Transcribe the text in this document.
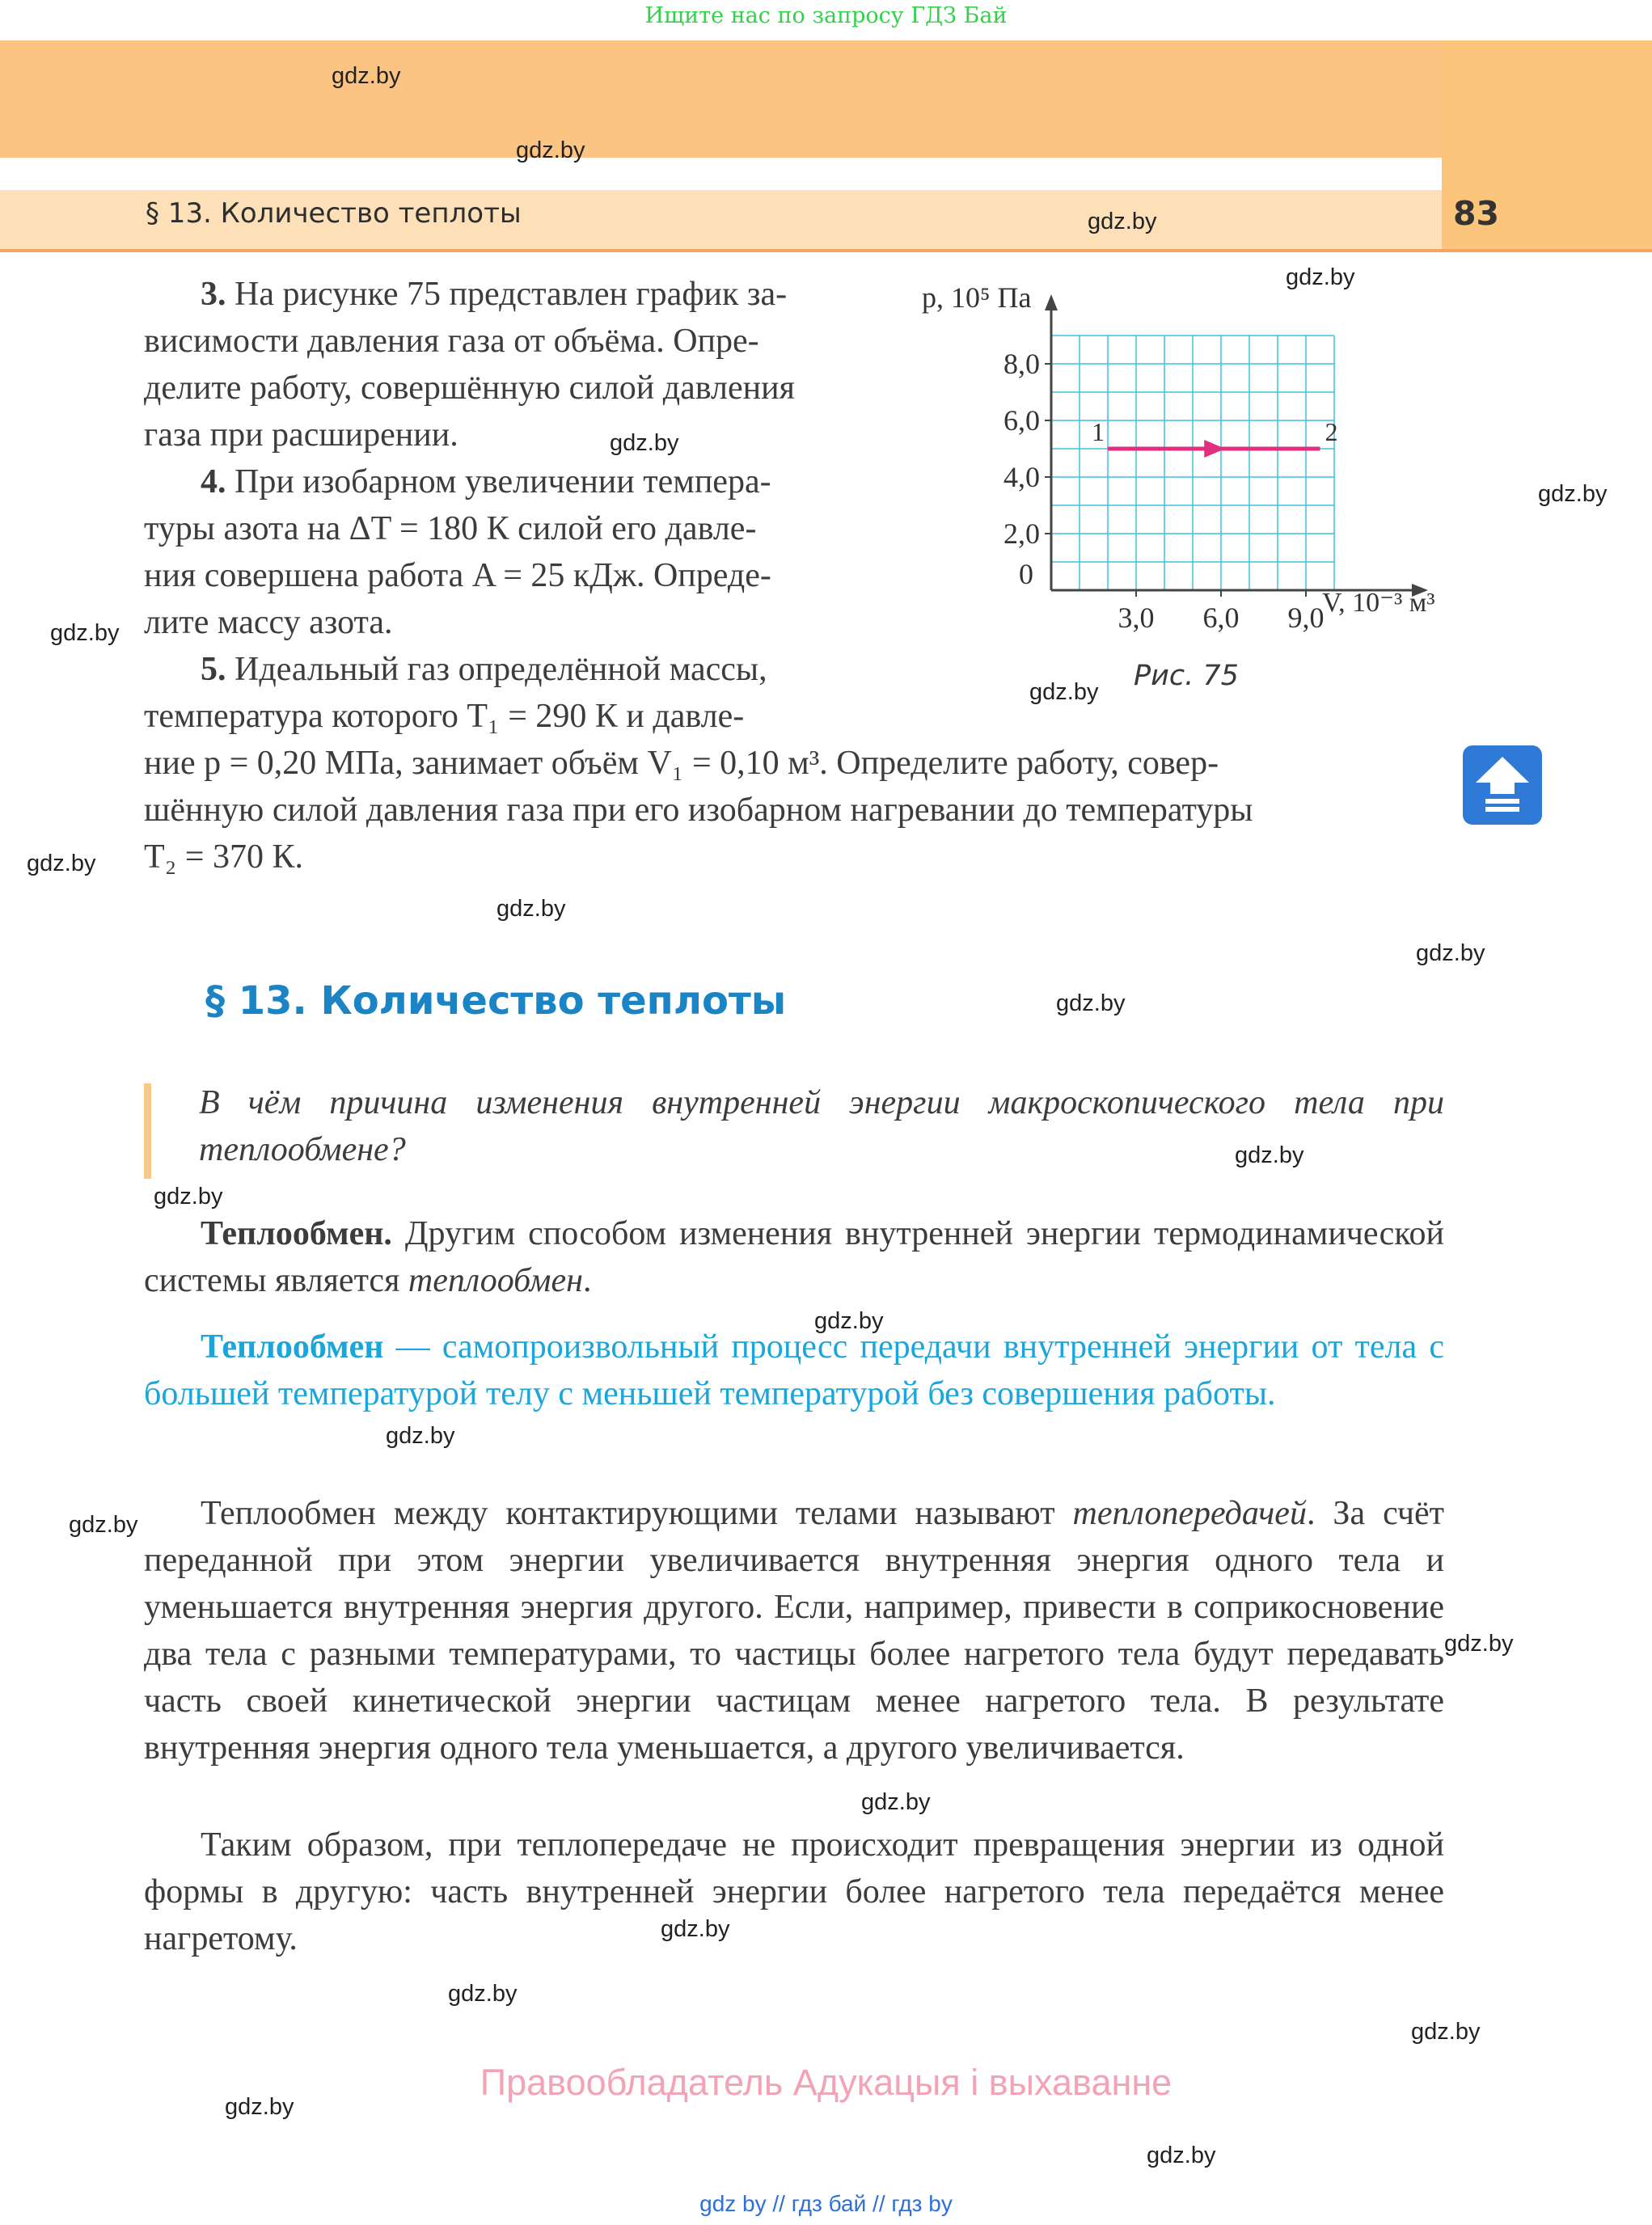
Ищите нас по запросу ГДЗ Бай
§ 13. Количество теплоты	83
gdz.by
gdz.by
gdz.by
gdz.by
gdz.by
gdz.by
gdz.by
gdz.by
gdz.by
gdz.by
gdz.by
gdz.by
gdz.by
gdz.by
gdz.by
gdz.by
gdz.by
gdz.by
gdz.by
gdz.by
gdz.by
gdz.by
gdz.by
gdz.by
3. На рисунке 75 представлен график за-
висимости давления газа от объёма. Опре-
делите работу, совершённую силой давления
газа при расширении.
4. При изобарном увеличении темпера-
туры азота на ΔT = 180 К силой его давле-
ния совершена работа A = 25 кДж. Опреде-
лите массу азота.
5. Идеальный газ определённой массы,
температура которого T₁ = 290 К и давле-
ние p = 0,20 МПа, занимает объём V₁ = 0,10 м³. Определите работу, совер-
шённую силой давления газа при его изобарном нагревании до температуры
T₂ = 370 К.
3,0 6,0 9,0
2,0
4,0
6,0
8,0
1	2
p, 10⁵ Па
V, 10⁻³ м³
0
Рис. 75
§ 13. Количество теплоты
В чём причина изменения внутренней энергии макроскопического тела при теплообмене?
Теплообмен. Другим способом изменения внутренней энергии термодинамической системы является теплообмен.
Теплообмен — самопроизвольный процесс передачи внутренней энергии от тела с большей температурой телу с меньшей температурой без совершения работы.
Теплообмен между контактирующими телами называют теплопередачей. За счёт переданной при этом энергии увеличивается внутренняя энергия одного тела и уменьшается внутренняя энергия другого. Если, например, привести в соприкосновение два тела с разными температурами, то частицы более нагретого тела будут передавать часть своей кинетической энергии частицам менее нагретого тела. В результате внутренняя энергия одного тела уменьшается, а другого увеличивается.
Таким образом, при теплопередаче не происходит превращения энергии из одной формы в другую: часть внутренней энергии более нагретого тела передаётся менее нагретому.
Правообладатель Адукацыя і выхаванне
gdz by // гдз бай // гдз by
